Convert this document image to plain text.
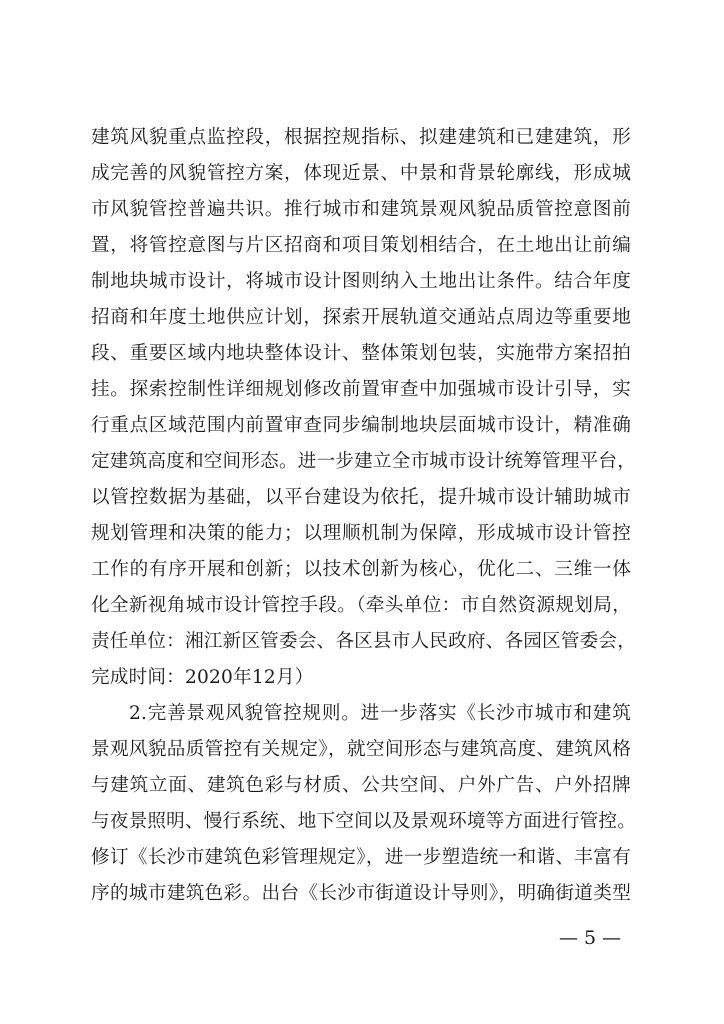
建筑风貌重点监控段，根据控规指标、拟建建筑和已建建筑，形
成完善的风貌管控方案，体现近景、中景和背景轮廓线，形成城
市风貌管控普遍共识。推行城市和建筑景观风貌品质管控意图前
置，将管控意图与片区招商和项目策划相结合，在土地出让前编
制地块城市设计，将城市设计图则纳入土地出让条件。结合年度
招商和年度土地供应计划，探索开展轨道交通站点周边等重要地
段、重要区域内地块整体设计、整体策划包装，实施带方案招拍
挂。探索控制性详细规划修改前置审查中加强城市设计引导，实
行重点区域范围内前置审查同步编制地块层面城市设计，精准确
定建筑高度和空间形态。进一步建立全市城市设计统筹管理平台，
以管控数据为基础，以平台建设为依托，提升城市设计辅助城市
规划管理和决策的能力；以理顺机制为保障，形成城市设计管控
工作的有序开展和创新；以技术创新为核心，优化二、三维一体
化全新视角城市设计管控手段。（牵头单位：市自然资源规划局，
责任单位：湘江新区管委会、各区县市人民政府、各园区管委会，
完成时间：2020年12月）
2.完善景观风貌管控规则。进一步落实《长沙市城市和建筑
景观风貌品质管控有关规定》，就空间形态与建筑高度、建筑风格
与建筑立面、建筑色彩与材质、公共空间、户外广告、户外招牌
与夜景照明、慢行系统、地下空间以及景观环境等方面进行管控。
修订《长沙市建筑色彩管理规定》，进一步塑造统一和谐、丰富有
序的城市建筑色彩。出台《长沙市街道设计导则》，明确街道类型
— 5 —
